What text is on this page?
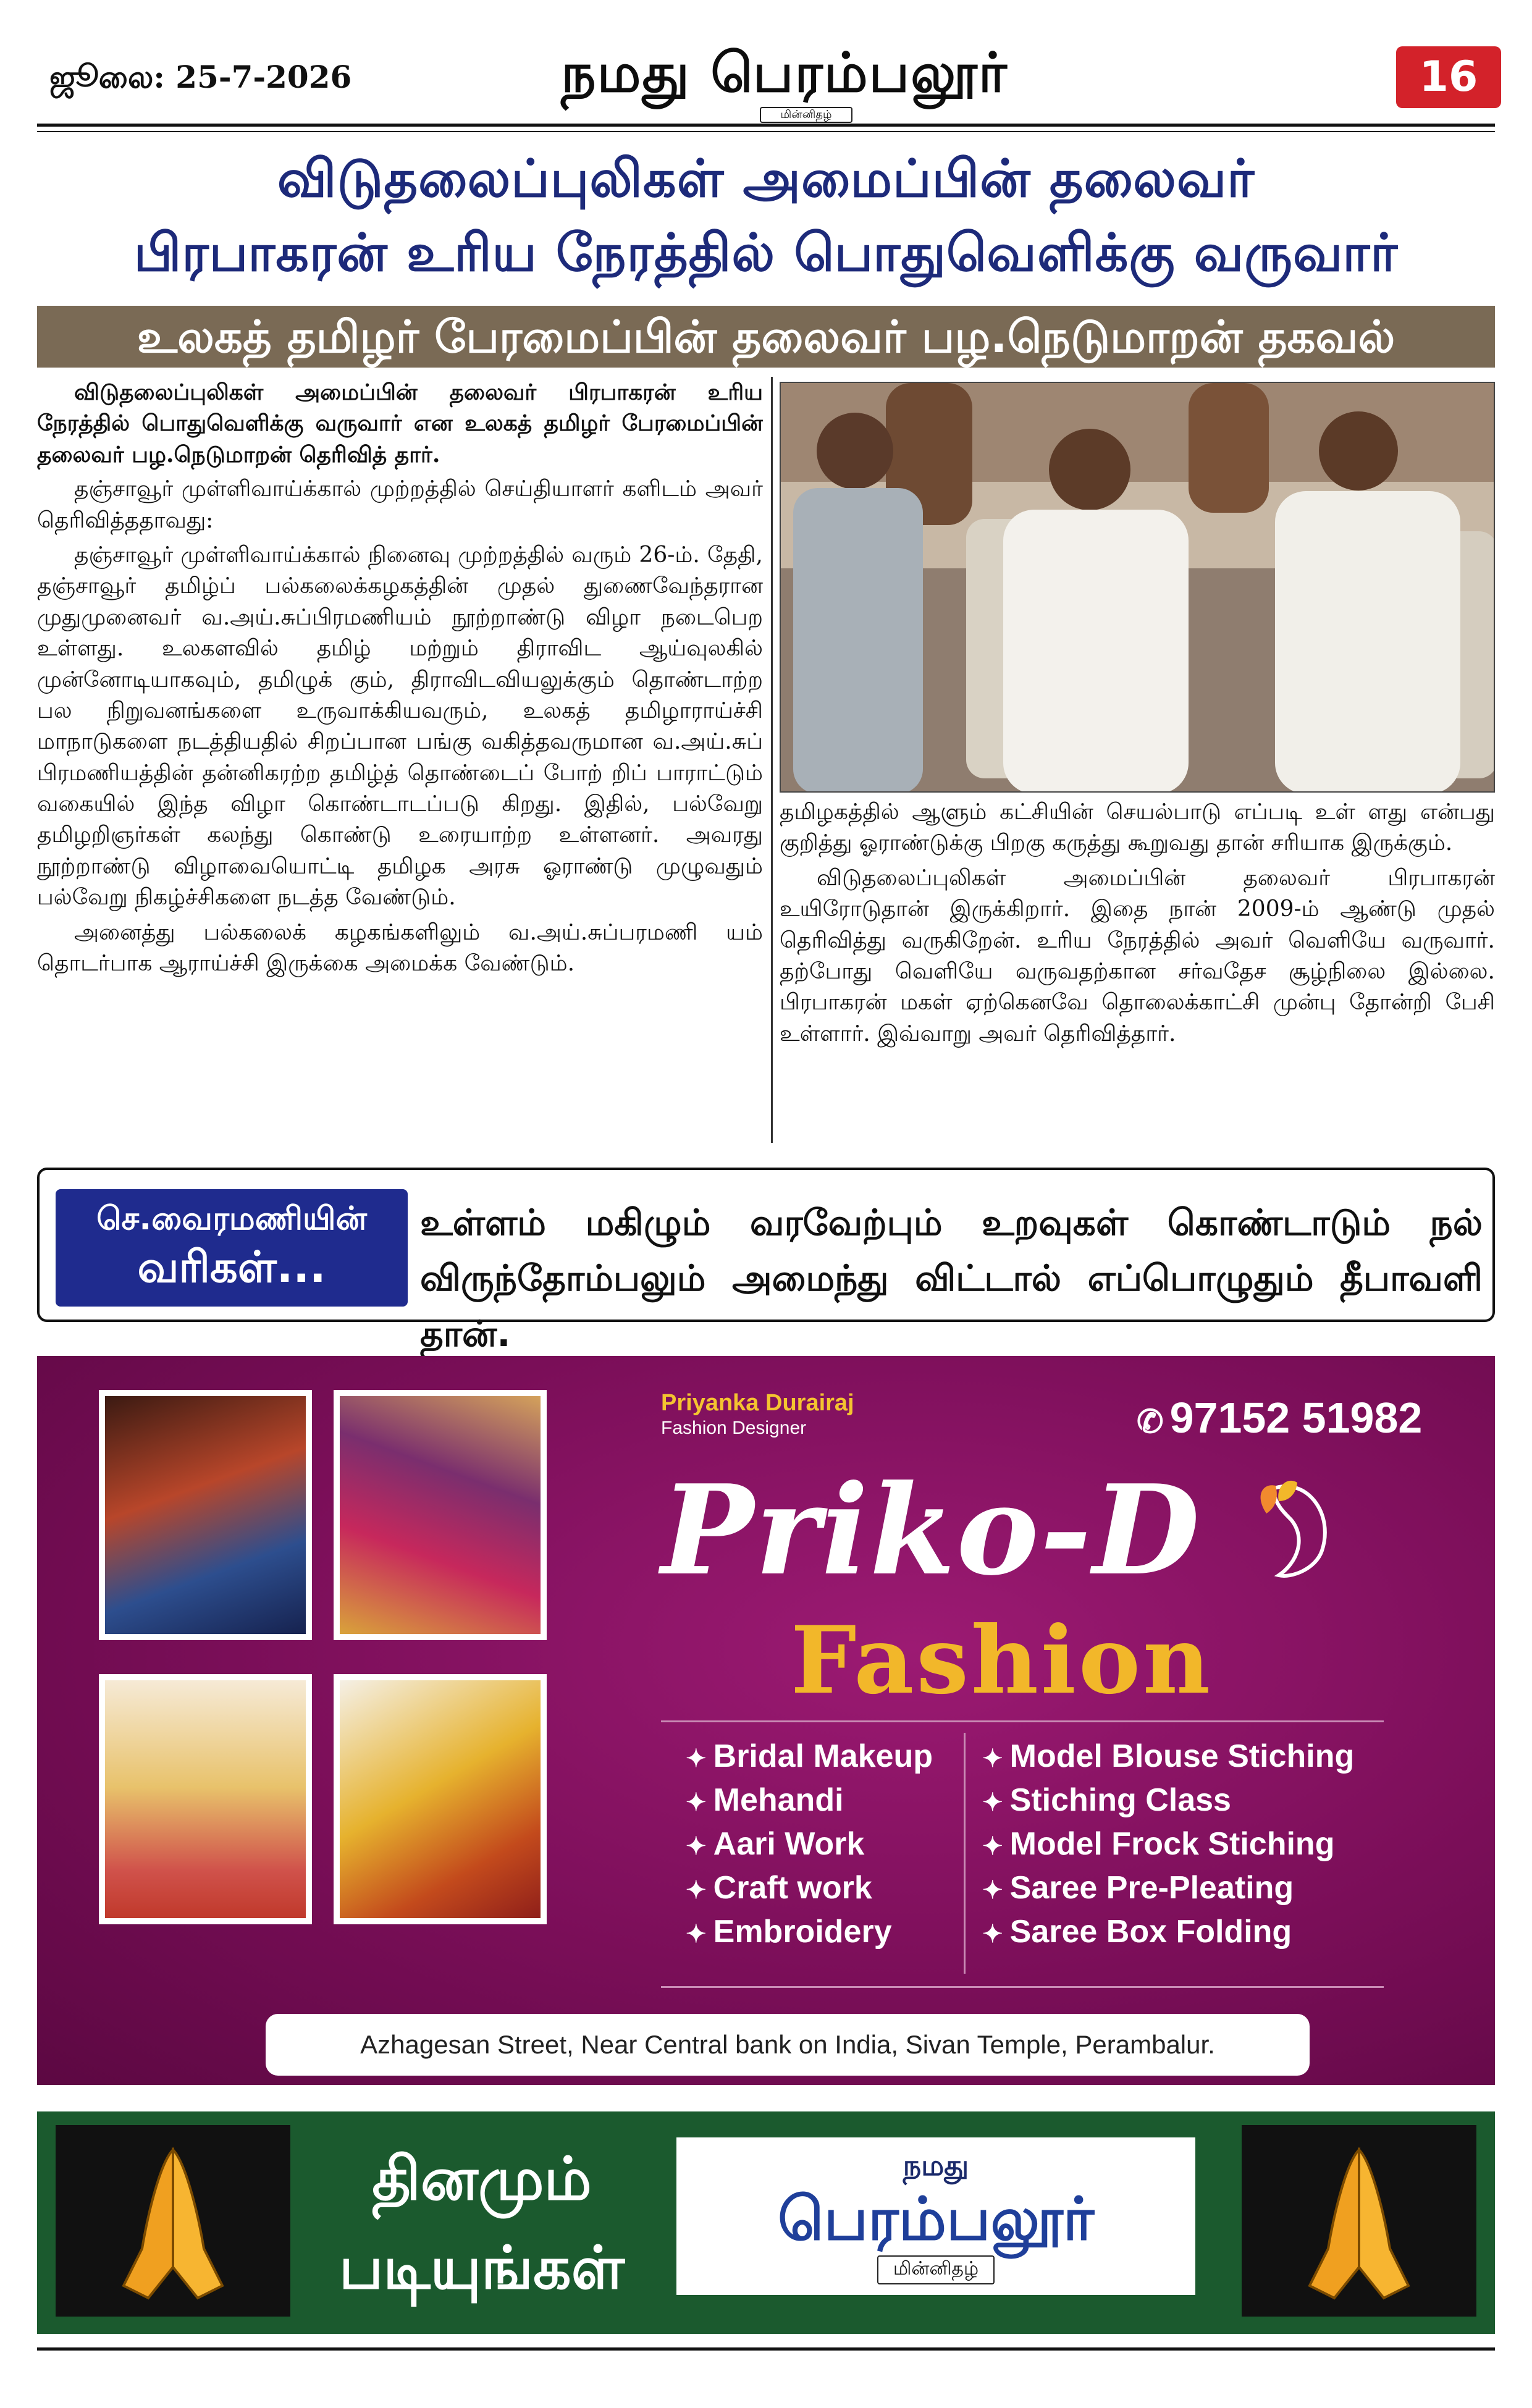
ஜூலை: 25-7-2026	நமது பெரம்பலூர்
மின்னிதழ்
16
விடுதலைப்புலிகள் அமைப்பின் தலைவர்
பிரபாகரன் உரிய நேரத்தில் பொதுவெளிக்கு வருவார்
உலகத் தமிழர் பேரமைப்பின் தலைவர் பழ.நெடுமாறன் தகவல்

விடுதலைப்புலிகள் அமைப்பின் தலைவர் பிரபாகரன் உரிய நேரத்தில் பொதுவெளிக்கு வருவார் என உலகத் தமிழர் பேரமைப்பின் தலைவர் பழ.நெடுமாறன் தெரிவித் தார்.

தஞ்சாவூர் முள்ளிவாய்க்கால் முற்றத்தில் செய்தியாளர் களிடம் அவர் தெரிவித்ததாவது:

தஞ்சாவூர் முள்ளிவாய்க்கால் நினைவு முற்றத்தில் வரும் 26-ம். தேதி, தஞ்சாவூர் தமிழ்ப் பல்கலைக்கழகத்தின் முதல் துணைவேந்தரான முதுமுனைவர் வ.அய்.சுப்பிரமணியம் நூற்றாண்டு விழா நடைபெற உள்ளது. உலகளவில் தமிழ் மற்றும் திராவிட ஆய்வுலகில் முன்னோடியாகவும், தமிழுக் கும், திராவிடவியலுக்கும் தொண்டாற்ற பல நிறுவனங்களை உருவாக்கியவரும், உலகத் தமிழாராய்ச்சி மாநாடுகளை நடத்தியதில் சிறப்பான பங்கு வகித்தவருமான வ.அய்.சுப் பிரமணியத்தின் தன்னிகரற்ற தமிழ்த் தொண்டைப் போற் றிப் பாராட்டும் வகையில் இந்த விழா கொண்டாடப்படு கிறது. இதில், பல்வேறு தமிழறிஞர்கள் கலந்து கொண்டு உரையாற்ற உள்ளனர். அவரது நூற்றாண்டு விழாவையொட்டி தமிழக அரசு ஓராண்டு முழுவதும் பல்வேறு நிகழ்ச்சிகளை நடத்த வேண்டும்.

அனைத்து பல்கலைக் கழகங்களிலும் வ.அய்.சுப்பரமணி யம் தொடர்பாக ஆராய்ச்சி இருக்கை அமைக்க வேண்டும்.

தமிழகத்தில் ஆளும் கட்சியின் செயல்பாடு எப்படி உள் ளது என்பது குறித்து ஓராண்டுக்கு பிறகு கருத்து கூறுவது தான் சரியாக இருக்கும்.

விடுதலைப்புலிகள் அமைப்பின் தலைவர் பிரபாகரன் உயிரோடுதான் இருக்கிறார். இதை நான் 2009-ம் ஆண்டு முதல் தெரிவித்து வருகிறேன். உரிய நேரத்தில் அவர் வெளியே வருவார். தற்போது வெளியே வருவதற்கான சர்வதேச சூழ்நிலை இல்லை. பிரபாகரன் மகள் ஏற்கெனவே தொலைக்காட்சி முன்பு தோன்றி பேசி உள்ளார். இவ்வாறு அவர் தெரிவித்தார்.

செ.வைரமணியின்
வரிகள்...
உள்ளம் மகிழும் வரவேற்பும் உறவுகள் கொண்டாடும் நல் விருந்தோம்பலும் அமைந்து விட்டால் எப்பொழுதும் தீபாவளி தான்.
Priyanka Durairaj
Fashion Designer	✆ 97152 51982
Priko-D
Fashion
✦ Bridal Makeup
✦ Mehandi
✦ Aari Work
✦ Craft work
✦ Embroidery
✦ Model Blouse Stiching
✦ Stiching Class
✦ Model Frock Stiching
✦ Saree Pre-Pleating
✦ Saree Box Folding
Azhagesan Street, Near Central bank on India, Sivan Temple, Perambalur.
தினமும்
படியுங்கள்
நமது
பெரம்பலூர்
மின்னிதழ்
